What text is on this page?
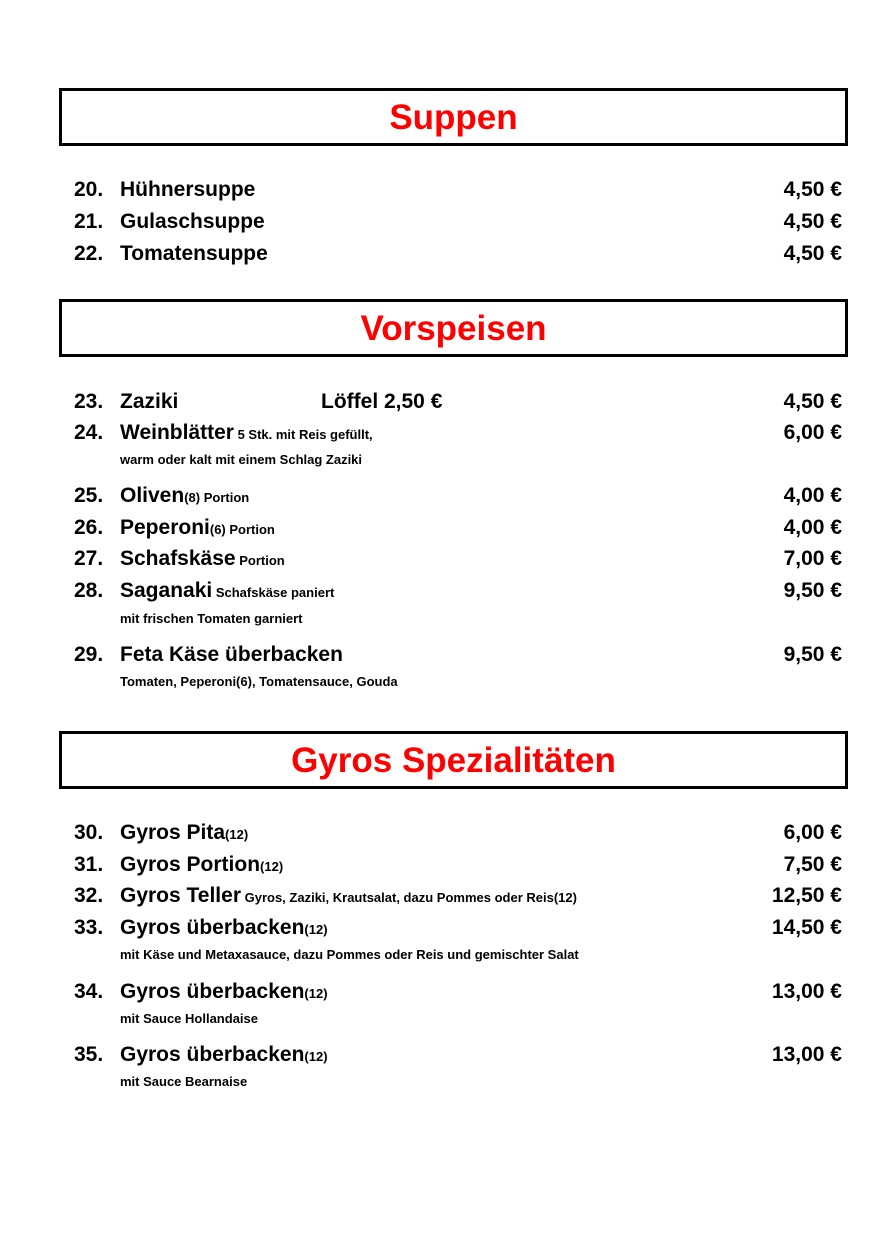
Suppen
20. Hühnersuppe	4,50 €
21. Gulaschsuppe	4,50 €
22. Tomatensuppe	4,50 €
Vorspeisen
23. Zaziki	Löffel 2,50 €	4,50 €
24. Weinblätter 5 Stk. mit Reis gefüllt,	6,00 €
warm oder kalt mit einem Schlag Zaziki
25. Oliven(8) Portion	4,00 €
26. Peperoni(6) Portion	4,00 €
27. Schafskäse Portion	7,00 €
28. Saganaki Schafskäse paniert	9,50 €
mit frischen Tomaten garniert
29. Feta Käse überbacken	9,50 €
Tomaten, Peperoni(6), Tomatensauce, Gouda
Gyros Spezialitäten
30. Gyros Pita(12)	6,00 €
31. Gyros Portion(12)	7,50 €
32. Gyros Teller Gyros, Zaziki, Krautsalat, dazu Pommes oder Reis(12)	12,50 €
33. Gyros überbacken(12)	14,50 €
mit Käse und Metaxasauce, dazu Pommes oder Reis und gemischter Salat
34. Gyros überbacken(12)	13,00 €
mit Sauce Hollandaise
35. Gyros überbacken(12)	13,00 €
mit Sauce Bearnaise
